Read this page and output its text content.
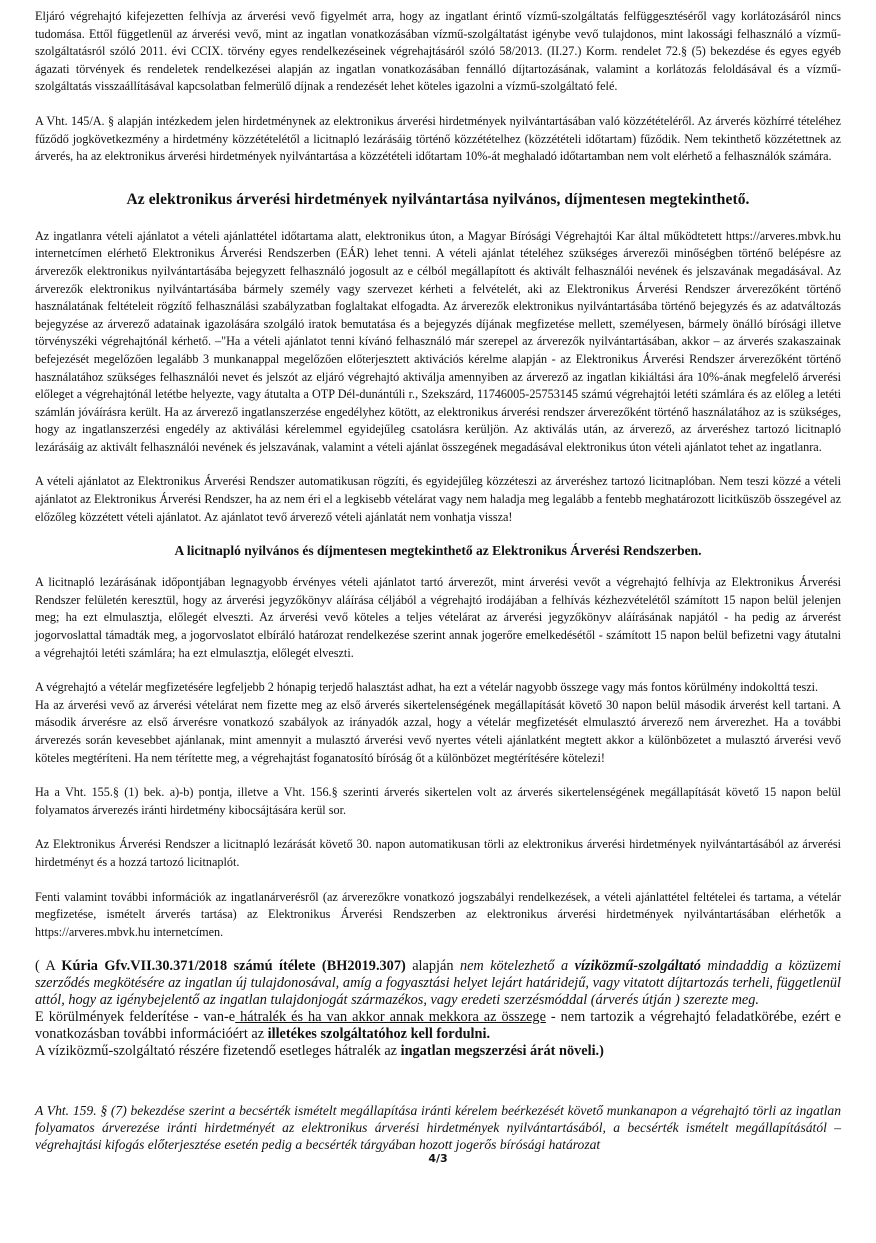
Eljáró végrehajtó kifejezetten felhívja az árverési vevő figyelmét arra, hogy az ingatlant érintő vízmű-szolgáltatás felfüggesztéséről vagy korlátozásáról nincs tudomása. Ettől függetlenül az árverési vevő, mint az ingatlan vonatkozásában vízmű-szolgáltatást igénybe vevő tulajdonos, mint lakossági felhasználó a vízmű-szolgáltatásról szóló 2011. évi CCIX. törvény egyes rendelkezéseinek végrehajtásáról szóló 58/2013. (II.27.) Korm. rendelet 72.§ (5) bekezdése és egyes egyéb ágazati törvények és rendeletek rendelkezései alapján az ingatlan vonatkozásában fennálló díjtartozásának, valamint a korlátozás feloldásával és a vízmű-szolgáltatás visszaállításával kapcsolatban felmerülő díjnak a rendezését lehet köteles igazolni a vízmű-szolgáltató felé.

A Vht. 145/A. § alapján intézkedem jelen hirdetménynek az elektronikus árverési hirdetmények nyilvántartásában való közzétételéről. Az árverés közhírré tételéhez fűződő jogkövetkezmény a hirdetmény közzétételétől a licitnapló lezárásáig történő közzétételhez (közzétételi időtartam) fűződik. Nem tekinthető közzétettnek az árverés, ha az elektronikus árverési hirdetmények nyilvántartása a közzétételi időtartam 10%-át meghaladó időtartamban nem volt elérhető a felhasználók számára.

Az elektronikus árverési hirdetmények nyilvántartása nyilvános, díjmentesen megtekinthető.

Az ingatlanra vételi ajánlatot a vételi ajánlattétel időtartama alatt, elektronikus úton, a Magyar Bírósági Végrehajtói Kar által működtetett https://arveres.mbvk.hu internetcímen elérhető Elektronikus Árverési Rendszerben (EÁR) lehet tenni. A vételi ajánlat tételéhez szükséges árverezői minőségben történő belépésre az árverezők elektronikus nyilvántartásába bejegyzett felhasználó jogosult az e célból megállapított és aktivált felhasználói nevének és jelszavának megadásával. Az árverezők elektronikus nyilvántartásába bármely személy vagy szervezet kérheti a felvételét, aki az Elektronikus Árverési Rendszer árverezőként történő használatának feltételeit rögzítő felhasználási szabályzatban foglaltakat elfogadta. Az árverezők elektronikus nyilvántartásába történő bejegyzés és az adatváltozás bejegyzése az árverező adatainak igazolására szolgáló iratok bemutatása és a bejegyzés díjának megfizetése mellett, személyesen, bármely önálló bírósági illetve törvényszéki végrehajtónál kérhető. –"Ha a vételi ajánlatot tenni kívánó felhasználó már szerepel az árverezők nyilvántartásában, akkor – az árverés szakaszainak befejezését megelőzően legalább 3 munkanappal megelőzően előterjesztett aktivációs kérelme alapján - az Elektronikus Árverési Rendszer árverezőként történő használatához szükséges felhasználói nevet és jelszót az eljáró végrehajtó aktiválja amennyiben az árverező az ingatlan kikiáltási ára 10%-ának megfelelő árverési előleget a végrehajtónál letétbe helyezte, vagy átutalta a OTP Dél-dunántúli r., Szekszárd, 11746005-25753145 számú végrehajtói letéti számlára és az előleg a letéti számlán jóváírásra került. Ha az árverező ingatlanszerzése engedélyhez kötött, az elektronikus árverési rendszer árverezőként történő használatához az is szükséges, hogy az ingatlanszerzési engedély az aktiválási kérelemmel egyidejűleg csatolásra kerüljön. Az aktiválás után, az árverező, az árveréshez tartozó licitnapló lezárásáig az aktivált felhasználói nevének és jelszavának, valamint a vételi ajánlat összegének megadásával elektronikus úton vételi ajánlatot tehet az ingatlanra.

A vételi ajánlatot az Elektronikus Árverési Rendszer automatikusan rögzíti, és egyidejűleg közzéteszi az árveréshez tartozó licitnaplóban. Nem teszi közzé a vételi ajánlatot az Elektronikus Árverési Rendszer, ha az nem éri el a legkisebb vételárat vagy nem haladja meg legalább a fentebb meghatározott licitküszöb összegével az előzőleg közzétett vételi ajánlatot. Az ajánlatot tevő árverező vételi ajánlatát nem vonhatja vissza!

A licitnapló nyilvános és díjmentesen megtekinthető az Elektronikus Árverési Rendszerben.

A licitnapló lezárásának időpontjában legnagyobb érvényes vételi ajánlatot tartó árverezőt, mint árverési vevőt a végrehajtó felhívja az Elektronikus Árverési Rendszer felületén keresztül, hogy az árverési jegyzőkönyv aláírása céljából a végrehajtó irodájában a felhívás kézhezvételétől számított 15 napon belül jelenjen meg; ha ezt elmulasztja, előlegét elveszti. Az árverési vevő köteles a teljes vételárat az árverési jegyzőkönyv aláírásának napjától - ha pedig az árverést jogorvoslattal támadták meg, a jogorvoslatot elbíráló határozat rendelkezése szerint annak jogerőre emelkedésétől - számított 15 napon belül befizetni vagy átutalni a végrehajtói letéti számlára; ha ezt elmulasztja, előlegét elveszti.

A végrehajtó a vételár megfizetésére legfeljebb 2 hónapig terjedő halasztást adhat, ha ezt a vételár nagyobb összege vagy más fontos körülmény indokolttá teszi.

Ha az árverési vevő az árverési vételárat nem fizette meg az első árverés sikertelenségének megállapítását követő 30 napon belül második árverést kell tartani. A második árverésre az első árverésre vonatkozó szabályok az irányadók azzal, hogy a vételár megfizetését elmulasztó árverező nem árverezhet. Ha a további árverezés során kevesebbet ajánlanak, mint amennyit a mulasztó árverési vevő nyertes vételi ajánlatként megtett akkor a különbözetet a mulasztó árverési vevő köteles megtéríteni. Ha nem térítette meg, a végrehajtást foganatosító bíróság őt a különbözet megtérítésére kötelezi!

Ha a Vht. 155.§ (1) bek. a)-b) pontja, illetve a Vht. 156.§ szerinti árverés sikertelen volt az árverés sikertelenségének megállapítását követő 15 napon belül folyamatos árverezés iránti hirdetmény kibocsájtására kerül sor.

Az Elektronikus Árverési Rendszer a licitnapló lezárását követő 30. napon automatikusan törli az elektronikus árverési hirdetmények nyilvántartásából az árverési hirdetményt és a hozzá tartozó licitnaplót.

Fenti valamint további információk az ingatlanárverésről (az árverezőkre vonatkozó jogszabályi rendelkezések, a vételi ajánlattétel feltételei és tartama, a vételár megfizetése, ismételt árverés tartása) az Elektronikus Árverési Rendszerben az elektronikus árverési hirdetmények nyilvántartásában elérhetők a https://arveres.mbvk.hu internetcímen.

( A Kúria Gfv.VII.30.371/2018 számú ítélete (BH2019.307) alapján nem kötelezhető a víziközmű-szolgáltató mindaddig a közüzemi szerződés megkötésére az ingatlan új tulajdonosával, amíg a fogyasztási helyet lejárt határidejű, vagy vitatott díjtartozás terheli, függetlenül attól, hogy az igénybejelentő az ingatlan tulajdonjogát származékos, vagy eredeti szerzésmóddal (árverés útján ) szerezte meg.

E körülmények felderítése - van-e hátralék és ha van akkor annak mekkora az összege - nem tartozik a végrehajtó feladatkörébe, ezért e vonatkozásban további információért az illetékes szolgáltatóhoz kell fordulni.

A víziközmű-szolgáltató részére fizetendő esetleges hátralék az ingatlan megszerzési árát növeli.)

A Vht. 159. § (7) bekezdése szerint a becsérték ismételt megállapítása iránti kérelem beérkezését követő munkanapon a végrehajtó törli az ingatlan folyamatos árverezése iránti hirdetményét az elektronikus árverési hirdetmények nyilvántartásából, a becsérték ismételt megállapításától – végrehajtási kifogás előterjesztése esetén pedig a becsérték tárgyában hozott jogerős bírósági határozat

4/3
